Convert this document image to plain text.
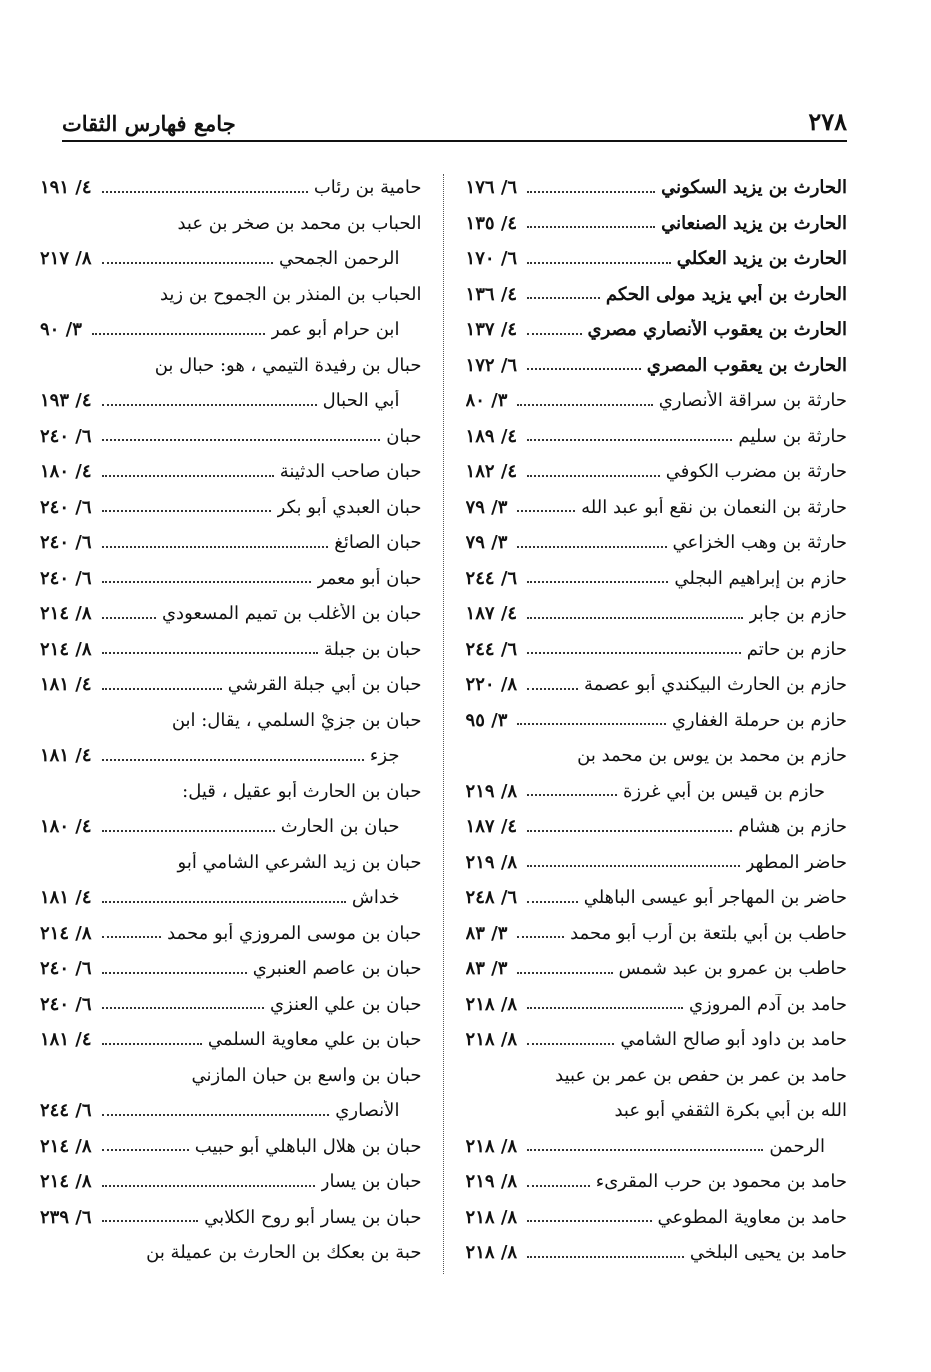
٢٧٨
جامع فهارس الثقات
الحارث بن يزيد السكوني
٦/ ١٧٦
الحارث بن يزيد الصنعاني
٤/ ١٣٥
الحارث بن يزيد العكلي
٦/ ١٧٠
الحارث بن أبي يزيد مولى الحكم
٤/ ١٣٦
الحارث بن يعقوب الأنصاري مصري
٤/ ١٣٧
الحارث بن يعقوب المصري
٦/ ١٧٢
حارثة بن سراقة الأنصاري
٣/ ٨٠
حارثة بن سليم
٤/ ١٨٩
حارثة بن مضرب الكوفي
٤/ ١٨٢
حارثة بن النعمان بن نقع أبو عبد الله
٣/ ٧٩
حارثة بن وهب الخزاعي
٣/ ٧٩
حازم بن إبراهيم البجلي
٦/ ٢٤٤
حازم بن جابر
٤/ ١٨٧
حازم بن حاتم
٦/ ٢٤٤
حازم بن الحارث البيكندي أبو عصمة
٨/ ٢٢٠
حازم بن حرملة الغفاري
٣/ ٩٥
حازم بن محمد بن يوس بن محمد بن
حازم بن قيس بن أبي غرزة
٨/ ٢١٩
حازم بن هشام
٤/ ١٨٧
حاضر المطهر
٨/ ٢١٩
حاضر بن المهاجر أبو عيسى الباهلي
٦/ ٢٤٨
حاطب بن أبي بلتعة بن أرب أبو محمد
٣/ ٨٣
حاطب بن عمرو بن عبد شمس
٣/ ٨٣
حامد بن آدم المروزي
٨/ ٢١٨
حامد بن داود أبو صالح الشامي
٨/ ٢١٨
حامد بن عمر بن حفص بن عمر بن عبيد
الله بن أبي بكرة الثقفي أبو عبد
الرحمن
٨/ ٢١٨
حامد بن محمود بن حرب المقرىء
٨/ ٢١٩
حامد بن معاوية المطوعي
٨/ ٢١٨
حامد بن يحيى البلخي
٨/ ٢١٨
حامية بن رئاب
٤/ ١٩١
الحباب بن محمد بن صخر بن عبد
الرحمن الجمحي
٨/ ٢١٧
الحباب بن المنذر بن الجموح بن زيد
ابن حرام أبو عمر
٣/ ٩٠
حبال بن رفيدة التيمي ، هو: حبال بن
أبي الحبال
٤/ ١٩٣
حبان
٦/ ٢٤٠
حبان صاحب الدثينة
٤/ ١٨٠
حبان العبدي أبو بكر
٦/ ٢٤٠
حبان الصائغ
٦/ ٢٤٠
حبان أبو معمر
٦/ ٢٤٠
حبان بن الأغلب بن تميم المسعودي
٨/ ٢١٤
حبان بن جبلة
٨/ ٢١٤
حبان بن أبي جبلة القرشي
٤/ ١٨١
حبان بن جزيْ السلمي ، يقال: ابن
جزء
٤/ ١٨١
حبان بن الحارث أبو عقيل ، قيل:
حبان بن الحارث
٤/ ١٨٠
حبان بن زيد الشرعي الشامي أبو
خداش
٤/ ١٨١
حبان بن موسى المروزي أبو محمد
٨/ ٢١٤
حبان بن عاصم العنبري
٦/ ٢٤٠
حبان بن علي العنزي
٦/ ٢٤٠
حبان بن علي معاوية السلمي
٤/ ١٨١
حبان بن واسع بن حبان المازني
الأنصاري
٦/ ٢٤٤
حبان بن هلال الباهلي أبو حبيب
٨/ ٢١٤
حبان بن يسار
٨/ ٢١٤
حبان بن يسار أبو روح الكلابي
٦/ ٢٣٩
حبة بن بعكك بن الحارث بن عميلة بن
